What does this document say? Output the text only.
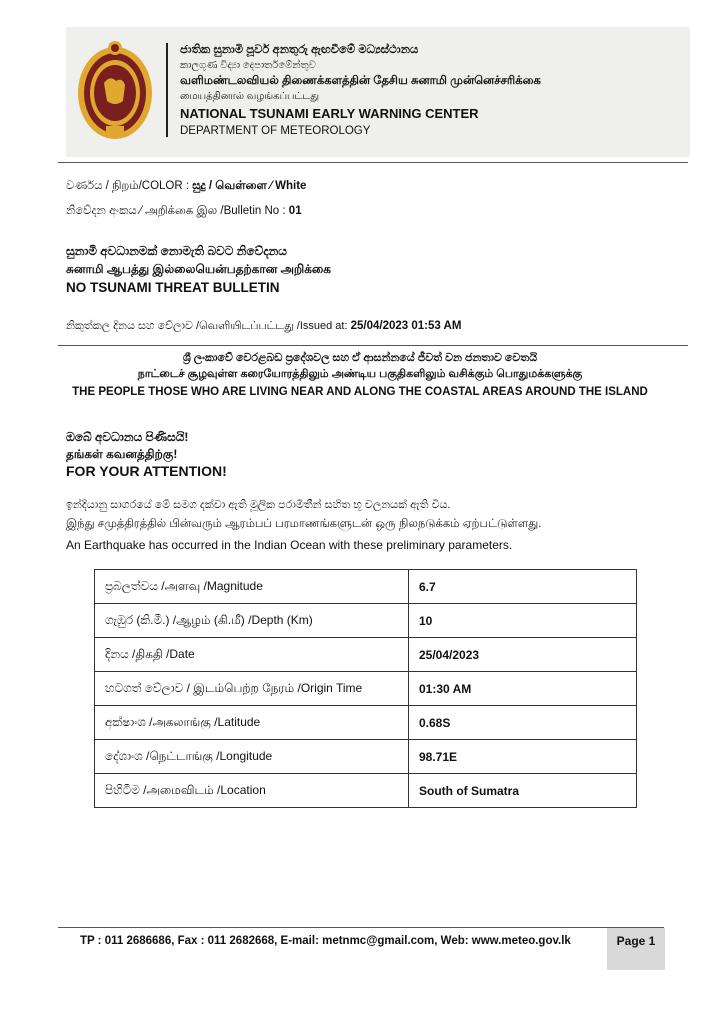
ජාතික සුනාමි පූර්ව අනතුරු ඇඟවීමේ මධ්‍යස්ථානය
කාලගුණ විද්‍යා දෙපාර්තමේන්තුව
வளிமண்டலவியல் திணைக்களத்தின் தேசிய சுனாமி முன்னெச்சரிக்கை
மையத்தினால் வழங்கப்பட்டது
NATIONAL TSUNAMI EARLY WARNING CENTER
DEPARTMENT OF METEOROLOGY
වර්ණය / நிறம்/COLOR : සුදු / வெள்ளை ⁄ White
නිවේදන අංකය ⁄ அறிக்கை இல /Bulletin No : 01
සුනාමි අවධානමක් නොමැති බවට නිවේදනය
சுனாமி ஆபத்து இல்லையென்பதற்கான அறிக்கை
NO TSUNAMI THREAT BULLETIN
නිකුත්කල දිනය සහ වේලාව /வெளியிடப்பட்டது /Issued at: 25/04/2023 01:53 AM
ශ්‍රී ලංකාවේ වෙරළබඩ ප්‍රදේශවල සහ ඒ ආසන්නයේ ජීවත් වන ජනතාව වෙතයි
நாட்டைச் சூழவுள்ள கரையோரத்திலும் அண்டிய பகுதிகளிலும் வசிக்கும் பொதுமக்களுக்கு
THE PEOPLE THOSE WHO ARE LIVING NEAR AND ALONG THE COASTAL AREAS AROUND THE ISLAND
ඔබේ අවධානය පිණිසයි!
தங்கள் கவனத்திற்கு!
FOR YOUR ATTENTION!
ඉන්දියානු සාගරයේ මේ සමග දක්වා ඇති මූලික පරාමිතීන් සහිත භූ චලනයක් ඇති විය.
இந்து சமுத்திரத்தில் பின்வரும் ஆரம்பப் பரமாணங்களுடன் ஒரு நிலநடுக்கம் ஏற்பட்டுள்ளது.
An Earthquake has occurred in the Indian Ocean with these preliminary parameters.
ප්‍රබලත්වය /அளவு /Magnitude	6.7
ගැඹුර (කි.මී.) /ஆழம் (கி.மீ) /Depth (Km)	10
දිනය /திகதி /Date	25/04/2023
හටගත් වේලාව / இடம்பெற்ற நேரம் /Origin Time	01:30 AM
අක්ෂාංශ /அகலாங்கு /Latitude	0.68S
දේශාංශ /நெட்டாங்கு /Longitude	98.71E
පිහිටීම /அமைவிடம் /Location	South of Sumatra
TP : 011 2686686, Fax : 011 2682668, E-mail: metnmc@gmail.com, Web: www.meteo.gov.lk	Page 1
